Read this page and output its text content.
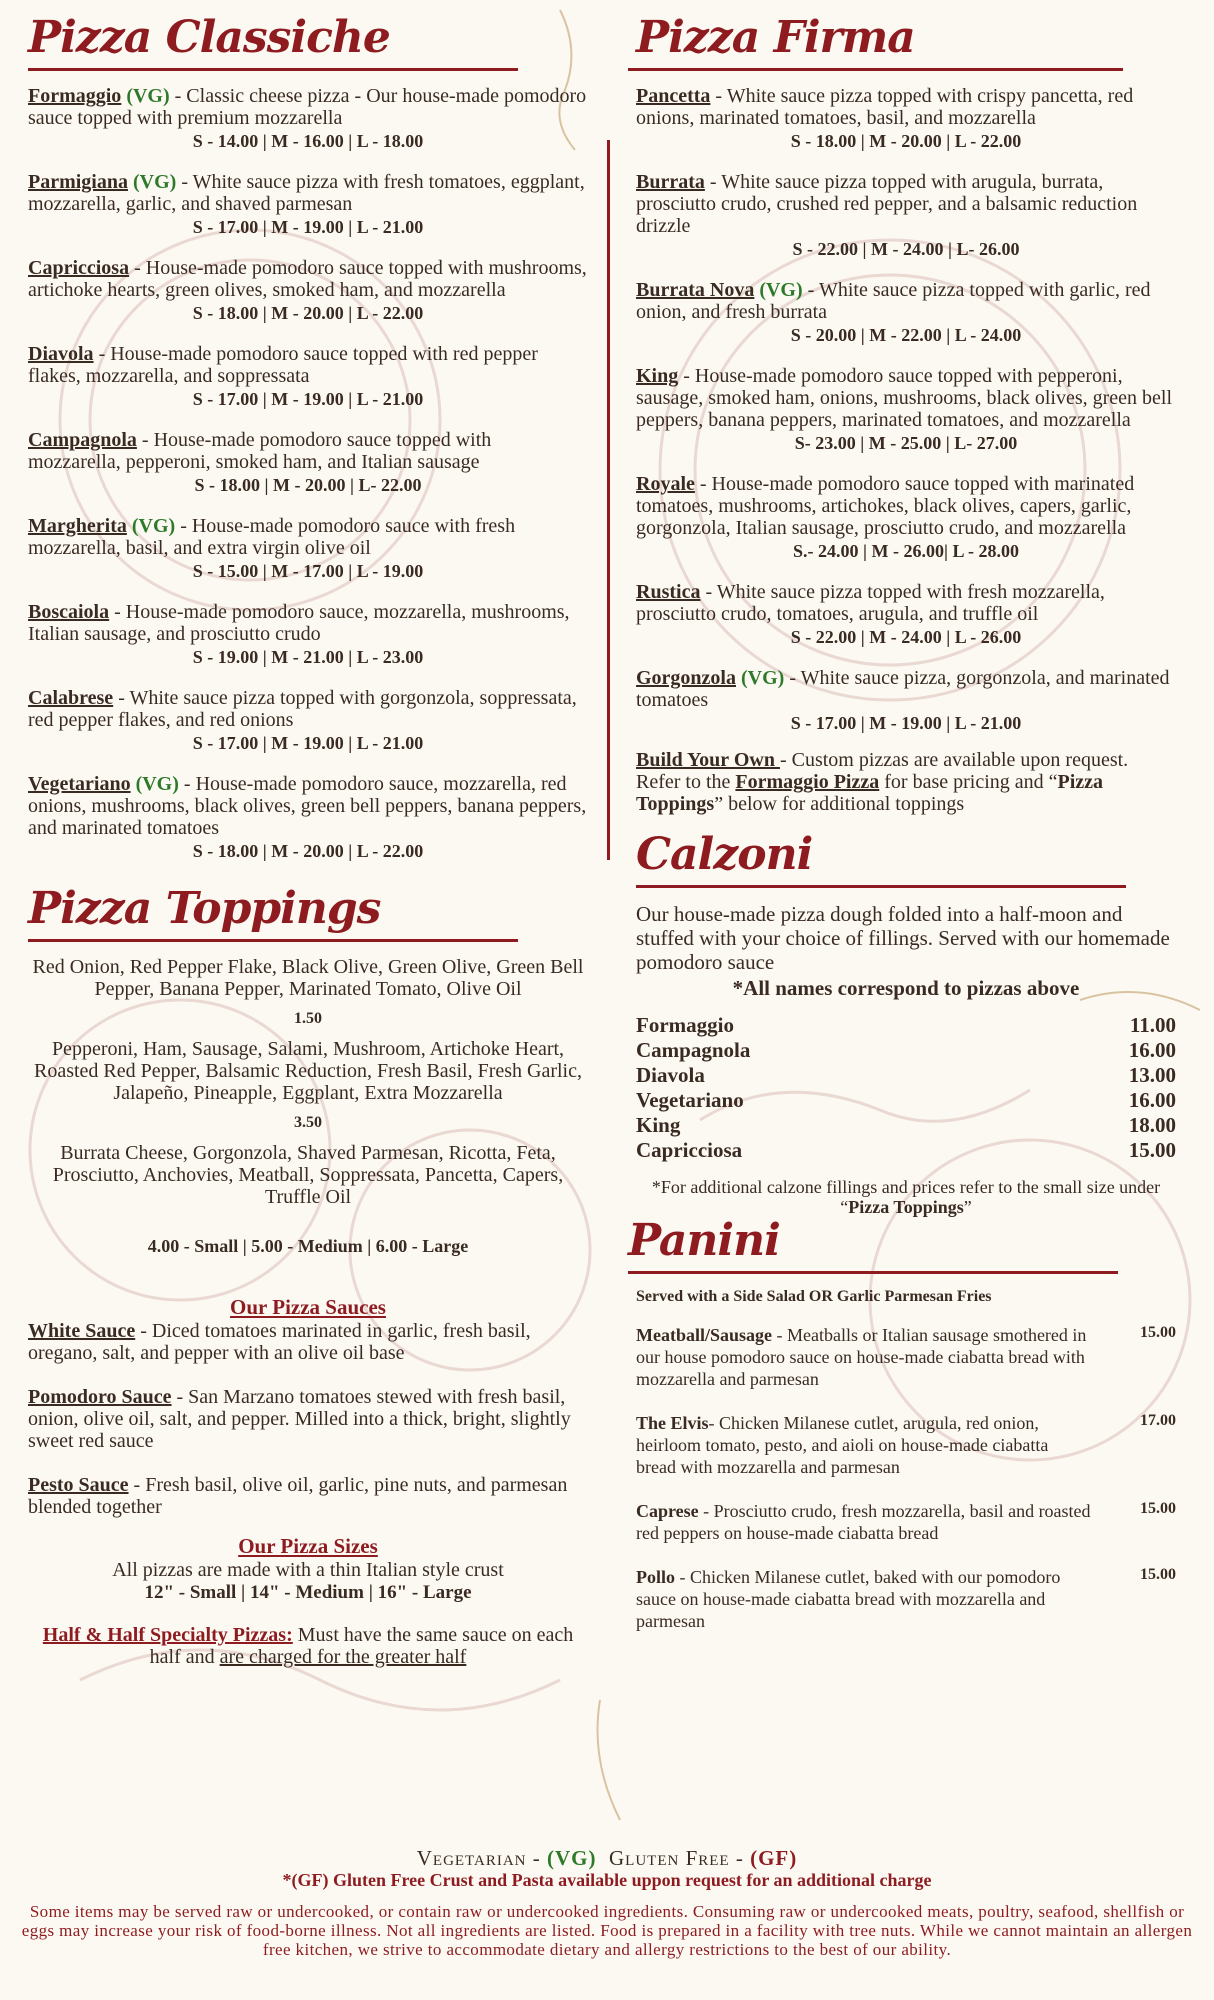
Pizza Classiche

Formaggio (VG) - Classic cheese pizza - Our house-made pomodoro sauce topped with premium mozzarella

S - 14.00 | M - 16.00 | L - 18.00

Parmigiana (VG) - White sauce pizza with fresh tomatoes, eggplant, mozzarella, garlic, and shaved parmesan

S - 17.00 | M - 19.00 | L - 21.00

Capricciosa - House-made pomodoro sauce topped with mushrooms, artichoke hearts, green olives, smoked ham, and mozzarella

S - 18.00 | M - 20.00 | L - 22.00

Diavola - House-made pomodoro sauce topped with red pepper flakes, mozzarella, and soppressata

S - 17.00 | M - 19.00 | L - 21.00

Campagnola - House-made pomodoro sauce topped with mozzarella, pepperoni, smoked ham, and Italian sausage

S - 18.00 | M - 20.00 | L- 22.00

Margherita (VG) - House-made pomodoro sauce with fresh mozzarella, basil, and extra virgin olive oil

S - 15.00 | M - 17.00 | L - 19.00

Boscaiola - House-made pomodoro sauce, mozzarella, mushrooms, Italian sausage, and prosciutto crudo

S - 19.00 | M - 21.00 | L - 23.00

Calabrese - White sauce pizza topped with gorgonzola, soppressata, red pepper flakes, and red onions

S - 17.00 | M - 19.00 | L - 21.00

Vegetariano (VG) - House-made pomodoro sauce, mozzarella, red onions, mushrooms, black olives, green bell peppers, banana peppers, and marinated tomatoes

S - 18.00 | M - 20.00 | L - 22.00
Pizza Toppings

Red Onion, Red Pepper Flake, Black Olive, Green Olive, Green Bell Pepper, Banana Pepper, Marinated Tomato, Olive Oil

1.50

Pepperoni, Ham, Sausage, Salami, Mushroom, Artichoke Heart, Roasted Red Pepper, Balsamic Reduction, Fresh Basil, Fresh Garlic, Jalapeño, Pineapple, Eggplant, Extra Mozzarella

3.50

Burrata Cheese, Gorgonzola, Shaved Parmesan, Ricotta, Feta, Prosciutto, Anchovies, Meatball, Soppressata, Pancetta, Capers, Truffle Oil

4.00 - Small | 5.00 - Medium | 6.00 - Large

Our Pizza Sauces

White Sauce - Diced tomatoes marinated in garlic, fresh basil, oregano, salt, and pepper with an olive oil base

Pomodoro Sauce - San Marzano tomatoes stewed with fresh basil, onion, olive oil, salt, and pepper. Milled into a thick, bright, slightly sweet red sauce

Pesto Sauce - Fresh basil, olive oil, garlic, pine nuts, and parmesan blended together

Our Pizza Sizes

All pizzas are made with a thin Italian style crust

12" - Small | 14" - Medium | 16" - Large

Half & Half Specialty Pizzas: Must have the same sauce on each half and are charged for the greater half

Pizza Firma

Pancetta - White sauce pizza topped with crispy pancetta, red onions, marinated tomatoes, basil, and mozzarella

S - 18.00 | M - 20.00 | L - 22.00

Burrata - White sauce pizza topped with arugula, burrata, prosciutto crudo, crushed red pepper, and a balsamic reduction drizzle

S - 22.00 | M - 24.00 | L- 26.00

Burrata Nova (VG) - White sauce pizza topped with garlic, red onion, and fresh burrata

S - 20.00 | M - 22.00 | L - 24.00

King - House-made pomodoro sauce topped with pepperoni, sausage, smoked ham, onions, mushrooms, black olives, green bell peppers, banana peppers, marinated tomatoes, and mozzarella

S- 23.00 | M - 25.00 | L- 27.00

Royale - House-made pomodoro sauce topped with marinated tomatoes, mushrooms, artichokes, black olives, capers, garlic, gorgonzola, Italian sausage, prosciutto crudo, and mozzarella

S.- 24.00 | M - 26.00| L - 28.00

Rustica - White sauce pizza topped with fresh mozzarella, prosciutto crudo, tomatoes, arugula, and truffle oil

S - 22.00 | M - 24.00 | L - 26.00

Gorgonzola (VG) - White sauce pizza, gorgonzola, and marinated tomatoes

S - 17.00 | M - 19.00 | L - 21.00

Build Your Own - Custom pizzas are available upon request. Refer to the Formaggio Pizza for base pricing and “Pizza Toppings” below for additional toppings

Calzoni

Our house-made pizza dough folded into a half-moon and stuffed with your choice of fillings. Served with our homemade pomodoro sauce

*All names correspond to pizzas above

Formaggio	11.00
Campagnola	16.00
Diavola	13.00
Vegetariano	16.00
King	18.00
Capricciosa	15.00

*For additional calzone fillings and prices refer to the small size under “Pizza Toppings”

Panini

Served with a Side Salad OR Garlic Parmesan Fries

Meatball/Sausage - Meatballs or Italian sausage smothered in our house pomodoro sauce on house-made ciabatta bread with mozzarella and parmesan
15.00
The Elvis- Chicken Milanese cutlet, arugula, red onion, heirloom tomato, pesto, and aioli on house-made ciabatta bread with mozzarella and parmesan
17.00
Caprese - Prosciutto crudo, fresh mozzarella, basil and roasted red peppers on house-made ciabatta bread
15.00
Pollo - Chicken Milanese cutlet, baked with our pomodoro sauce on house-made ciabatta bread with mozzarella and parmesan
15.00
Vegetarian - (VG)  Gluten Free - (GF)
*(GF) Gluten Free Crust and Pasta available uppon request for an additional charge
Some items may be served raw or undercooked, or contain raw or undercooked ingredients. Consuming raw or undercooked meats, poultry, seafood, shellfish or eggs may increase your risk of food-borne illness. Not all ingredients are listed. Food is prepared in a facility with tree nuts. While we cannot maintain an allergen free kitchen, we strive to accommodate dietary and allergy restrictions to the best of our ability.
